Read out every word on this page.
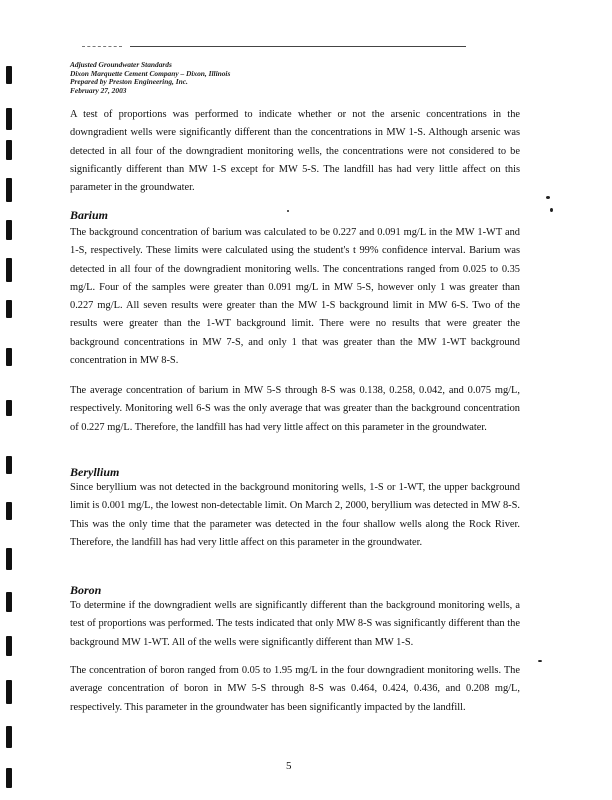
Adjusted Groundwater Standards
Dixon Marquette Cement Company – Dixon, Illinois
Prepared by Preston Engineering, Inc.
February 27, 2003

A test of proportions was performed to indicate whether or not the arsenic concentrations in the downgradient wells were significantly different than the concentrations in MW 1-S. Although arsenic was detected in all four of the downgradient monitoring wells, the concentrations were not considered to be significantly different than MW 1-S except for MW 5-S. The landfill has had very little affect on this parameter in the groundwater.

Barium

The background concentration of barium was calculated to be 0.227 and 0.091 mg/L in the MW 1-WT and 1-S, respectively. These limits were calculated using the student's t 99% confidence interval. Barium was detected in all four of the downgradient monitoring wells. The concentrations ranged from 0.025 to 0.35 mg/L. Four of the samples were greater than 0.091 mg/L in MW 5-S, however only 1 was greater than 0.227 mg/L. All seven results were greater than the MW 1-S background limit in MW 6-S. Two of the results were greater than the 1-WT background limit. There were no results that were greater the background concentrations in MW 7-S, and only 1 that was greater than the MW 1-WT background concentration in MW 8-S.

The average concentration of barium in MW 5-S through 8-S was 0.138, 0.258, 0.042, and 0.075 mg/L, respectively. Monitoring well 6-S was the only average that was greater than the background concentration of 0.227 mg/L. Therefore, the landfill has had very little affect on this parameter in the groundwater.

Beryllium

Since beryllium was not detected in the background monitoring wells, 1-S or 1-WT, the upper background limit is 0.001 mg/L, the lowest non-detectable limit. On March 2, 2000, beryllium was detected in MW 8-S. This was the only time that the parameter was detected in the four shallow wells along the Rock River. Therefore, the landfill has had very little affect on this parameter in the groundwater.

Boron

To determine if the downgradient wells are significantly different than the background monitoring wells, a test of proportions was performed. The tests indicated that only MW 8-S was significantly different than the background MW 1-WT. All of the wells were significantly different than MW 1-S.

The concentration of boron ranged from 0.05 to 1.95 mg/L in the four downgradient monitoring wells. The average concentration of boron in MW 5-S through 8-S was 0.464, 0.424, 0.436, and 0.208 mg/L, respectively. This parameter in the groundwater has been significantly impacted by the landfill.

5
